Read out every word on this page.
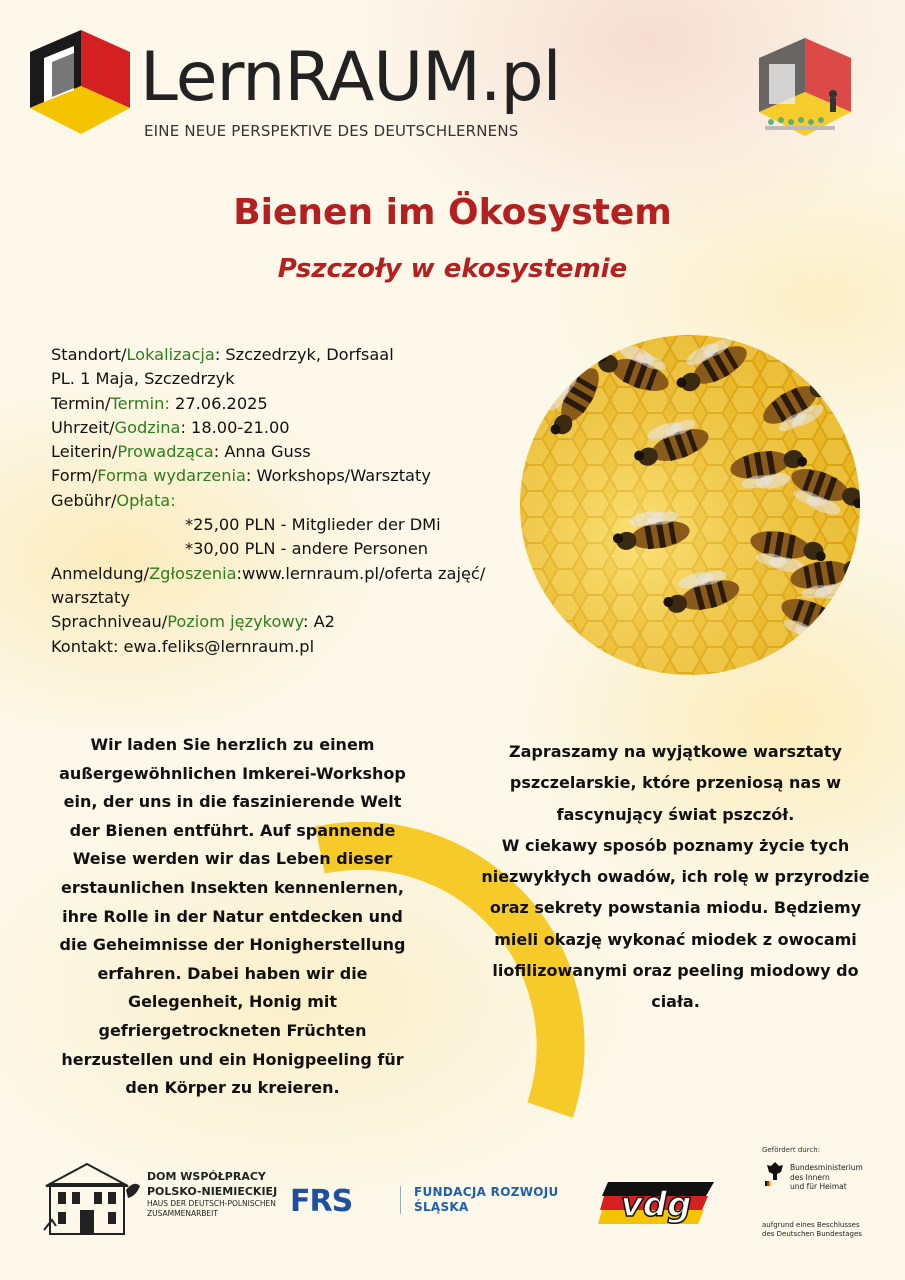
LernRAUM.pl
EINE NEUE PERSPEKTIVE DES DEUTSCHLERNENS
Bienen im Ökosystem
Pszczoły w ekosystemie
Standort/Lokalizacja: Szczedrzyk, Dorfsaal
PL. 1 Maja, Szczedrzyk
Termin/Termin: 27.06.2025
Uhrzeit/Godzina: 18.00-21.00
Leiterin/Prowadząca: Anna Guss
Form/Forma wydarzenia: Workshops/Warsztaty
Gebühr/Opłata:
*25,00 PLN - Mitglieder der DMi
*30,00 PLN - andere Personen
Anmeldung/Zgłoszenia:www.lernraum.pl/oferta zajęć/
warsztaty
Sprachniveau/Poziom językowy: A2
Kontakt: ewa.feliks@lernraum.pl
Wir laden Sie herzlich zu einem außergewöhnlichen Imkerei-Workshop ein, der uns in die faszinierende Welt der Bienen entführt. Auf spannende Weise werden wir das Leben dieser erstaunlichen Insekten kennenlernen, ihre Rolle in der Natur entdecken und die Geheimnisse der Honigherstellung erfahren. Dabei haben wir die Gelegenheit, Honig mit gefriergetrockneten Früchten herzustellen und ein Honigpeeling für den Körper zu kreieren.
Zapraszamy na wyjątkowe warsztaty pszczelarskie, które przeniosą nas w fascynujący świat pszczół.
W ciekawy sposób poznamy życie tych niezwykłych owadów, ich rolę w przyrodzie oraz sekrety powstania miodu. Będziemy mieli okazję wykonać miodek z owocami liofilizowanymi oraz peeling miodowy do ciała.
DOM WSPÓŁPRACY
POLSKO-NIEMIECKIEJ
HAUS DER DEUTSCH-POLNISCHEN
ZUSAMMENARBEIT	FRS	FUNDACJA ROZWOJU
ŚLĄSKA	vdg
Gefördert durch:
Bundesministerium
des Innern
und für Heimat
aufgrund eines Beschlusses
des Deutschen Bundestages
